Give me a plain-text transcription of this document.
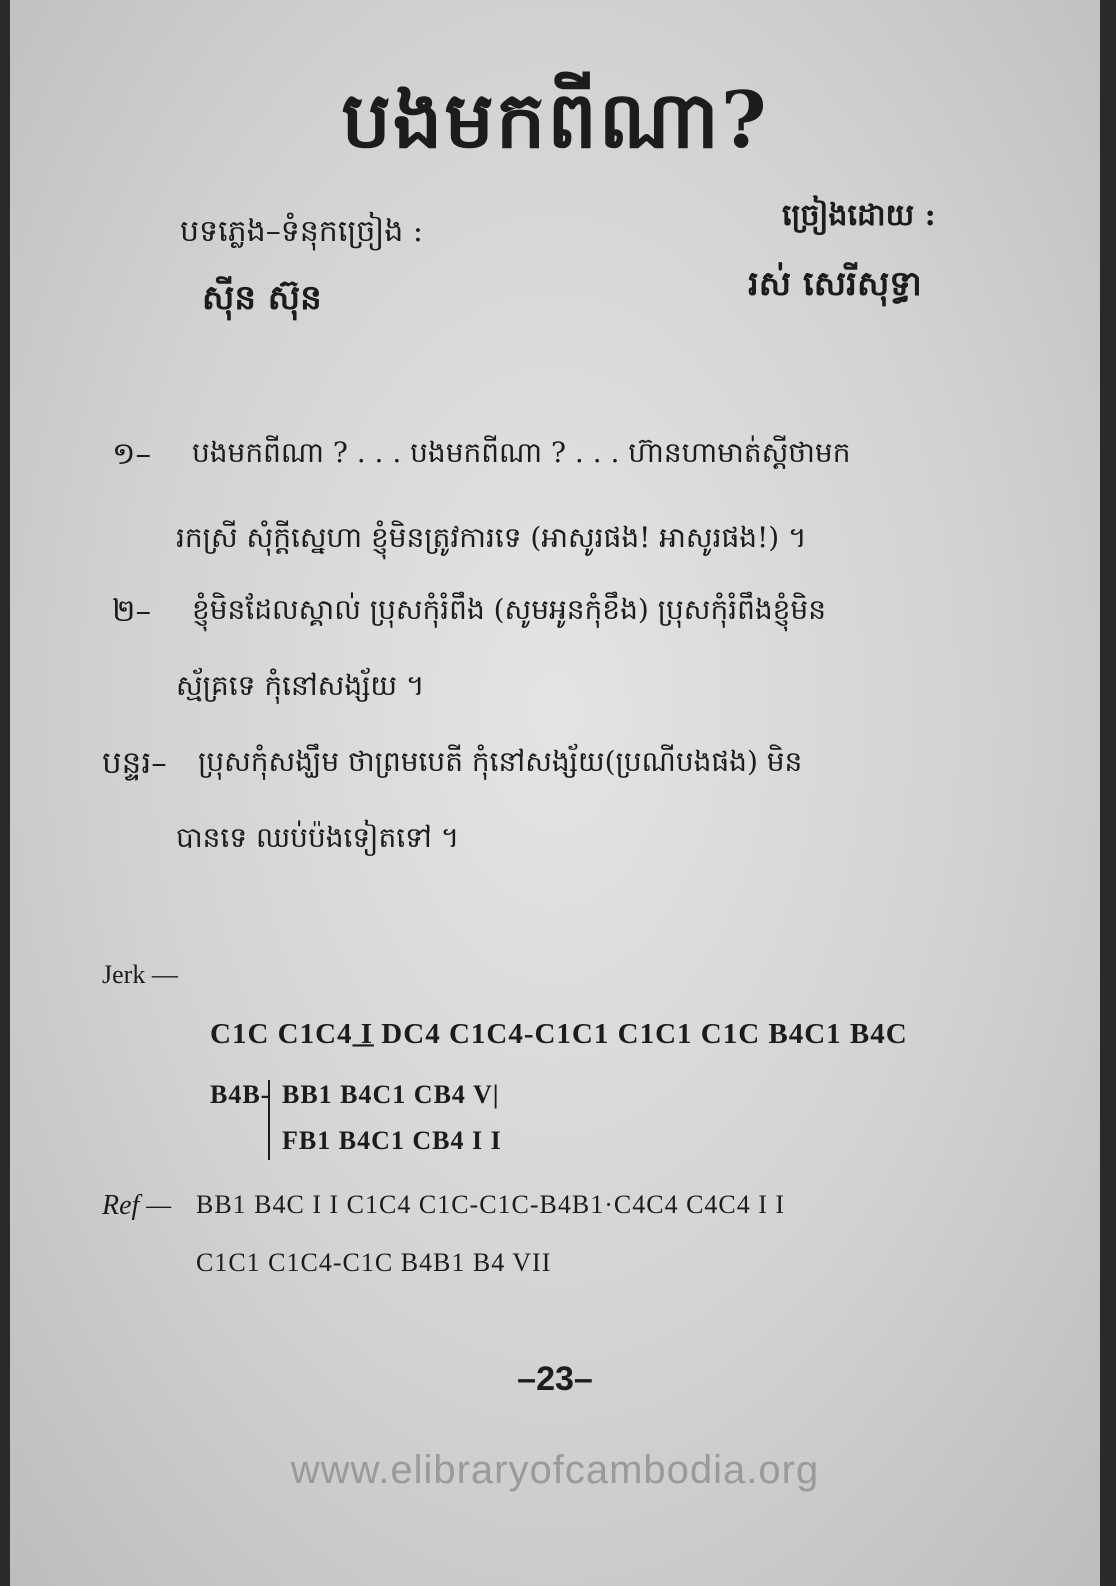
បងមកពីណា?
បទភ្លេង–ទំនុកច្រៀង :
ស៊ីន ស៊ុន
ច្រៀងដោយ :
រស់ សេរីសុទ្ធា
១– បងមកពីណា ? . . . បងមកពីណា ? . . . ហ៊ានហាមាត់ស្ដីថាមក
រកស្រី សុំក្ដីស្នេហា ខ្ញុំមិនត្រូវការទេ (អាសូរផង! អាសូរផង!) ។
២– ខ្ញុំមិនដែលស្គាល់ ប្រុសកុំរំពឹង (សូមអូនកុំខឹង) ប្រុសកុំរំពឹងខ្ញុំមិន
ស្ម័គ្រទេ កុំនៅសង្ស័យ ។
បន្ទរ– ប្រុសកុំសង្ឃឹម ថាព្រមបេតី កុំនៅសង្ស័យ(ប្រណីបងផង) មិន
បានទេ ឈប់ប៉ងទៀតទៅ ។
Jerk —
C1C C1C4 ̲I̲ DC4 C1C4-C1C1 C1C1 C1C B4C1 B4C
B4B- BB1 B4C1 CB4 V|
FB1 B4C1 CB4 I I
Ref — BB1 B4C I I C1C4 C1C-C1C-B4B1·C4C4 C4C4 I I
C1C1 C1C4-C1C B4B1 B4 VII
–23–
www.elibraryofcambodia.org
